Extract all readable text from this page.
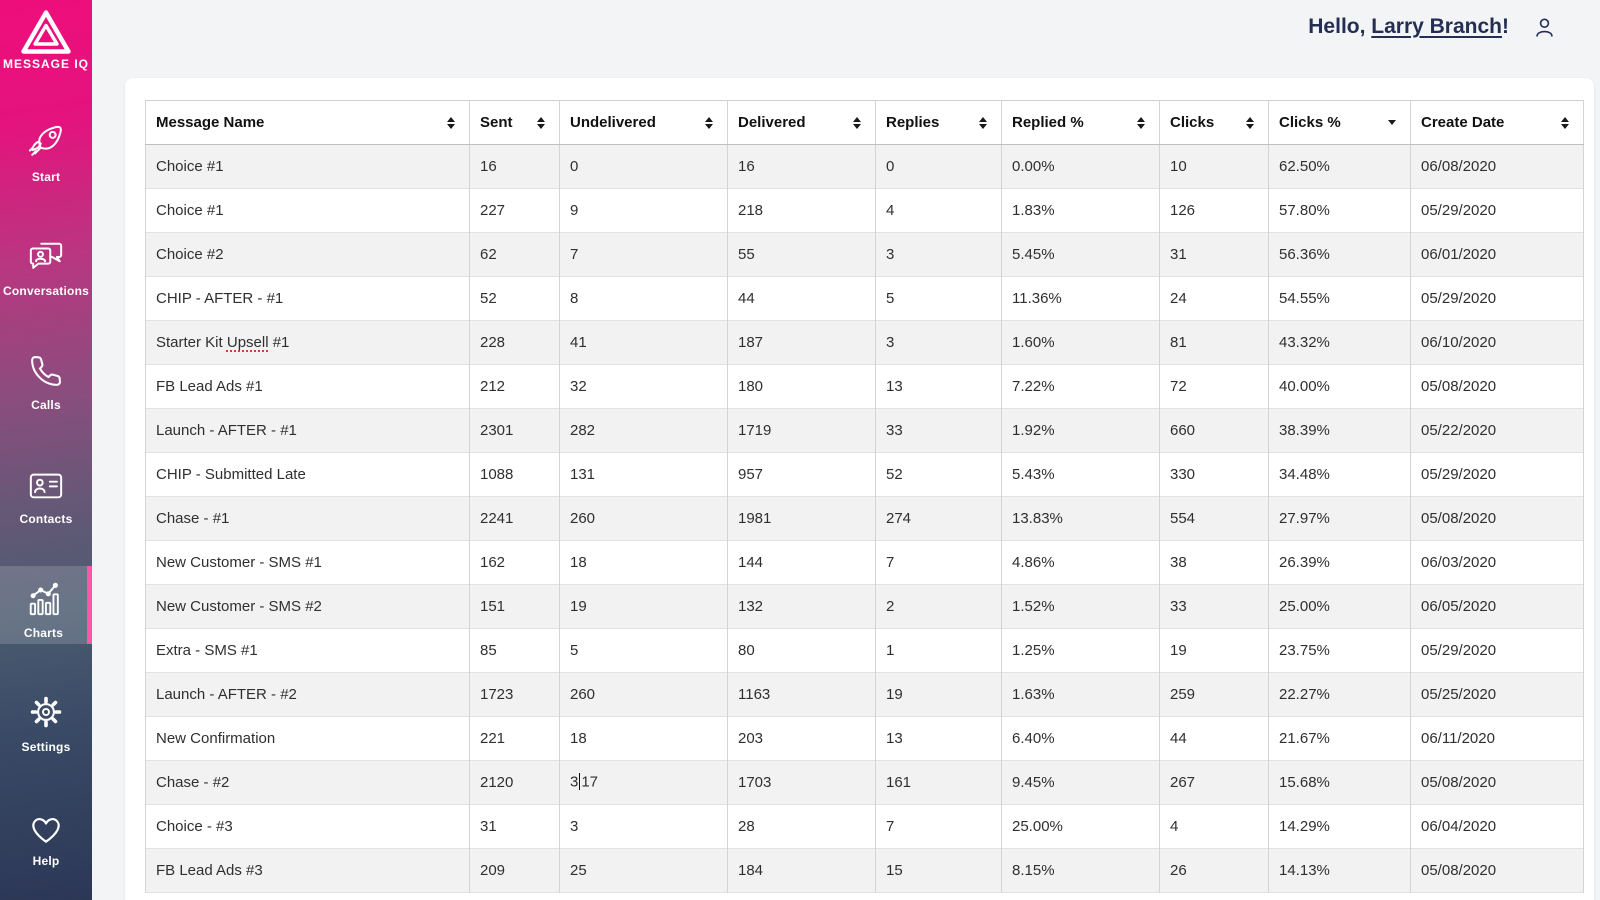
MESSAGE IQ
Start
Conversations
Calls
Contacts
Charts
Settings
Help
Hello, Larry Branch!
Message Name	Sent	Undelivered	Delivered	Replies	Replied %	Clicks	Clicks %	Create Date

Choice #1	16	0	16	0	0.00%	10	62.50%	06/08/2020
Choice #1	227	9	218	4	1.83%	126	57.80%	05/29/2020
Choice #2	62	7	55	3	5.45%	31	56.36%	06/01/2020
CHIP - AFTER - #1	52	8	44	5	11.36%	24	54.55%	05/29/2020
Starter Kit Upsell #1	228	41	187	3	1.60%	81	43.32%	06/10/2020
FB Lead Ads #1	212	32	180	13	7.22%	72	40.00%	05/08/2020
Launch - AFTER - #1	2301	282	1719	33	1.92%	660	38.39%	05/22/2020
CHIP - Submitted Late	1088	131	957	52	5.43%	330	34.48%	05/29/2020
Chase - #1	2241	260	1981	274	13.83%	554	27.97%	05/08/2020
New Customer - SMS #1	162	18	144	7	4.86%	38	26.39%	06/03/2020
New Customer - SMS #2	151	19	132	2	1.52%	33	25.00%	06/05/2020
Extra - SMS #1	85	5	80	1	1.25%	19	23.75%	05/29/2020
Launch - AFTER - #2	1723	260	1163	19	1.63%	259	22.27%	05/25/2020
New Confirmation	221	18	203	13	6.40%	44	21.67%	06/11/2020
Chase - #2	2120	3 17	1703	161	9.45%	267	15.68%	05/08/2020
Choice - #3	31	3	28	7	25.00%	4	14.29%	06/04/2020
FB Lead Ads #3	209	25	184	15	8.15%	26	14.13%	05/08/2020
